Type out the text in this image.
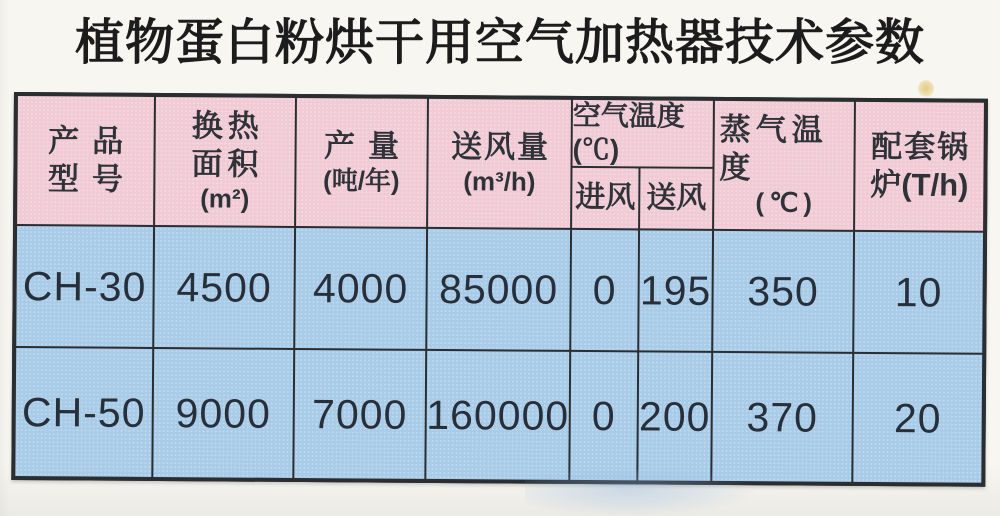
植物蛋白粉烘干用空气加热器技术参数
产品
型号
换热
面积
(m²)
产量
(吨/年)
送风量
(m³/h)
空气温度(℃)
进风 送风
蒸气温度
(℃)
配套锅
炉(T/h)
CH-30 4500 4000 85000 0 195 350	10
CH-50 9000 7000 160000 0 200 370	20
